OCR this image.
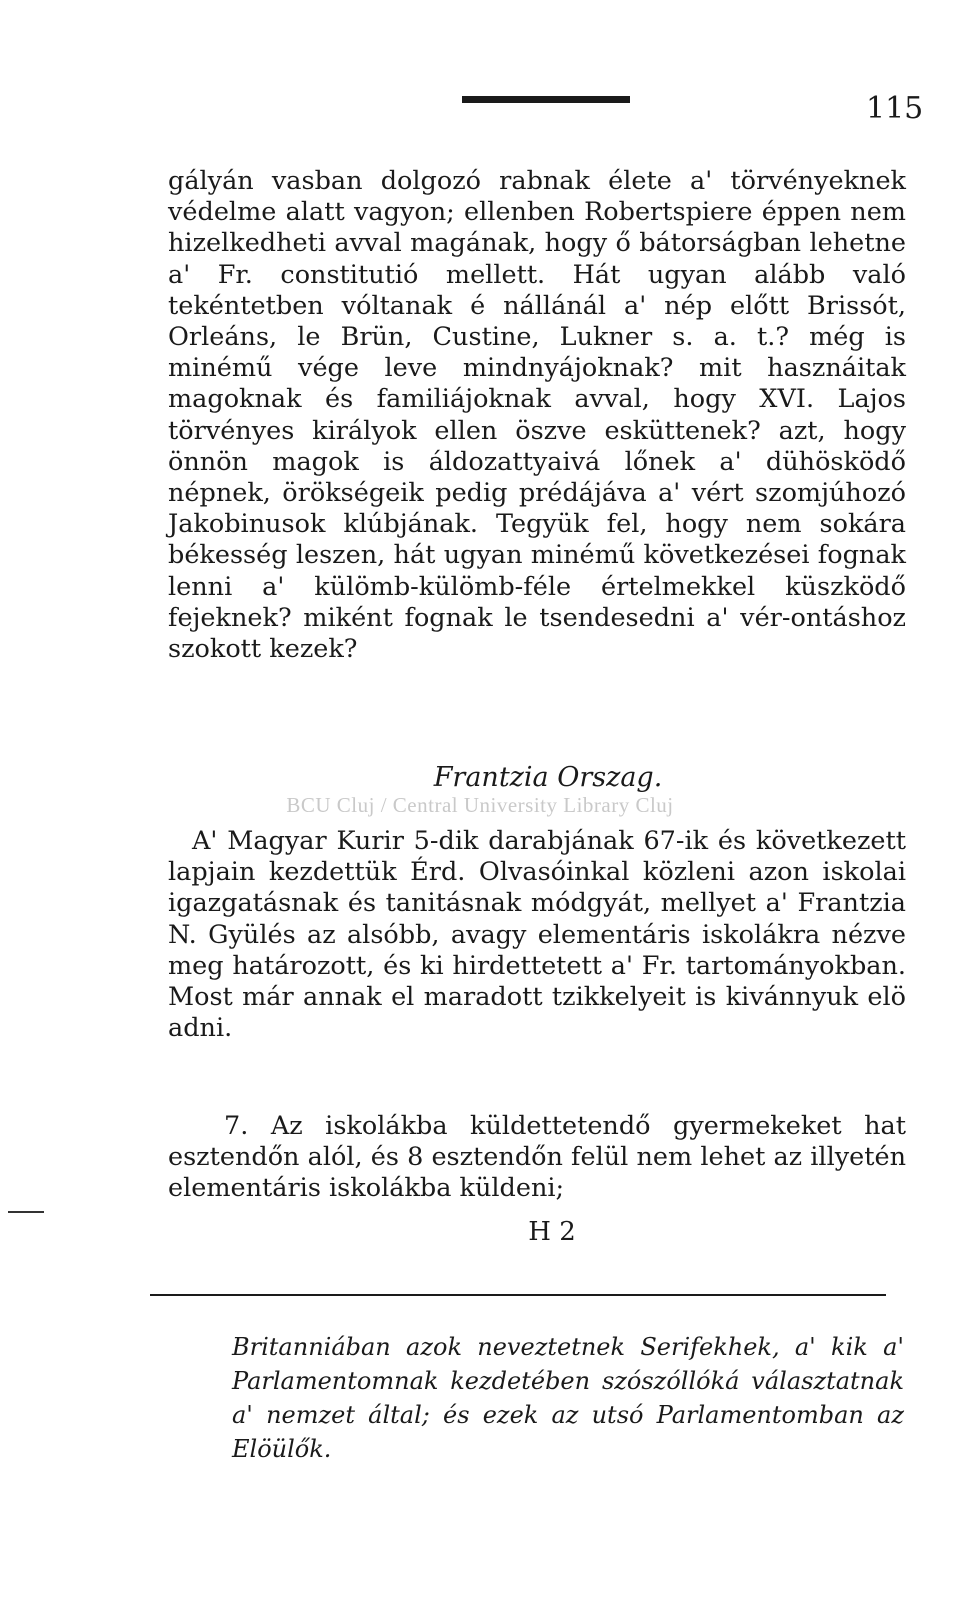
115

gályán vasban dolgozó rabnak élete a' törvényeknek védelme alatt vagyon; ellenben Robertspiere éppen nem hizelkedheti avval magának, hogy ő bátorságban lehetne a' Fr. constitutió mellett. Hát ugyan alább való tekéntetben vóltanak é nállánál a' nép előtt Brissót, Orleáns, le Brün, Custine, Lukner s. a. t.? még is minémű vége leve mindnyájoknak? mit hasznáitak magoknak és familiájoknak avval, hogy XVI. Lajos törvényes királyok ellen öszve esküttenek? azt, hogy önnön magok is áldozattyaivá lőnek a' dühösködő népnek, örökségeik pedig prédájáva a' vért szomjúhozó Jakobinusok klúbjának. Tegyük fel, hogy nem sokára békesség leszen, hát ugyan minémű következései fognak lenni a' külömb-külömb-féle értelmekkel küszködő fejeknek? miként fognak le tsendesedni a' vér-ontáshoz szokott kezek?

Frantzia Orszag.
BCU Cluj / Central University Library Cluj

A' Magyar Kurir 5-dik darabjának 67-ik és következett lapjain kezdettük Érd. Olvasóinkal közleni azon iskolai igazgatásnak és tanitásnak módgyát, mellyet a' Frantzia N. Gyülés az alsóbb, avagy elementáris iskolákra nézve meg határozott, és ki hirdettetett a' Fr. tartományokban. Most már annak el maradott tzikkelyeit is kivánnyuk elö adni.

7. Az iskolákba küldettetendő gyermekeket hat esztendőn alól, és 8 esztendőn felül nem lehet az illyetén elementáris iskolákba küldeni;

H 2

Britanniában azok neveztetnek Serifekhek, a' kik a' Parlamentomnak kezdetében szószóllóká választatnak a' nemzet által; és ezek az utsó Parlamentomban az Elöülők.
